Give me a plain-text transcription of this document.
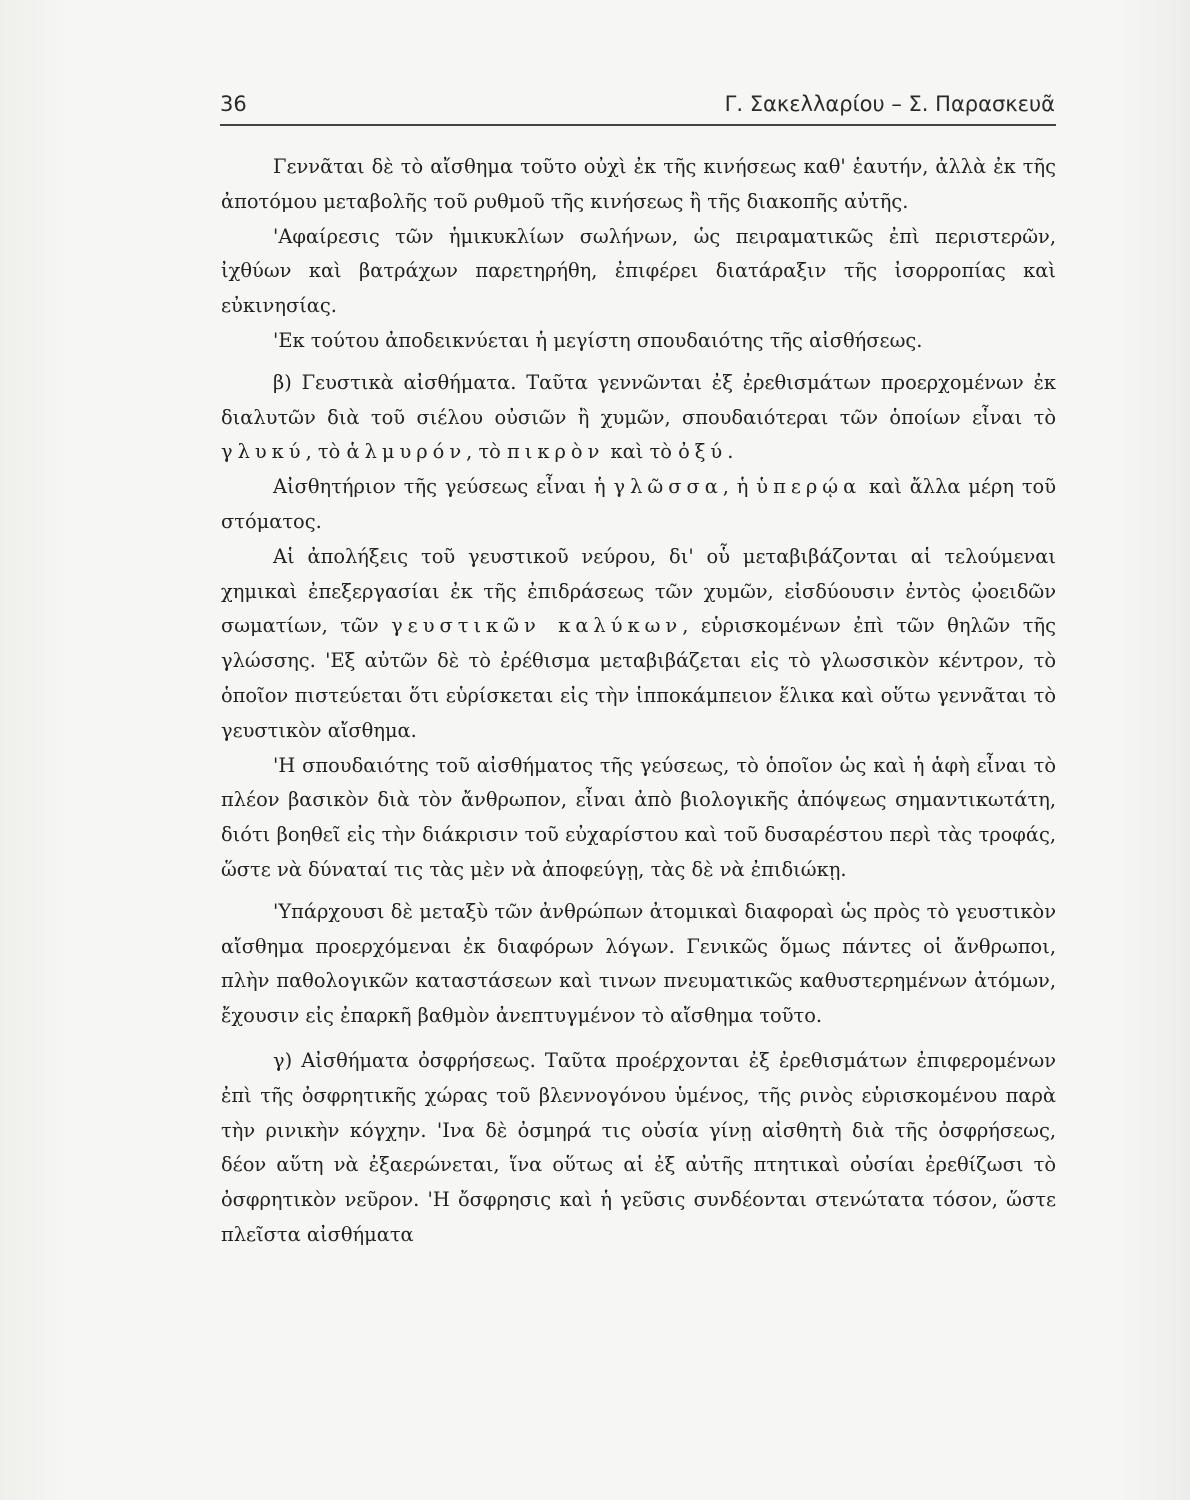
36	Γ. Σακελλαρίου – Σ. Παρασκευᾶ

Γεννᾶται δὲ τὸ αἴσθημα τοῦτο οὐχὶ ἐκ τῆς κινήσεως καθ' ἑαυτήν, ἀλλὰ ἐκ τῆς ἀποτόμου μεταβολῆς τοῦ ρυθμοῦ τῆς κινήσεως ἢ τῆς διακοπῆς αὐτῆς.

'Αφαίρεσις τῶν ἡμικυκλίων σωλήνων, ὡς πειραματικῶς ἐπὶ περιστερῶν, ἰχθύων καὶ βατράχων παρετηρήθη, ἐπιφέρει διατάραξιν τῆς ἰσορροπίας καὶ εὐκινησίας.

'Εκ τούτου ἀποδεικνύεται ἡ μεγίστη σπουδαιότης τῆς αἰσθήσεως.

β) Γευστικὰ αἰσθήματα. Ταῦτα γεννῶνται ἐξ ἐρεθισμάτων προερχομένων ἐκ διαλυτῶν διὰ τοῦ σιέλου οὐσιῶν ἢ χυμῶν, σπουδαιότεραι τῶν ὁποίων εἶναι τὸ γλυκύ, τὸ ἁλμυρόν, τὸ πικρὸν καὶ τὸ ὀξύ.

Αἰσθητήριον τῆς γεύσεως εἶναι ἡ γλῶσσα, ἡ ὑπερῴα καὶ ἄλλα μέρη τοῦ στόματος.

Αἱ ἀπολήξεις τοῦ γευστικοῦ νεύρου, δι' οὗ μεταβιβάζονται αἱ τελούμεναι χημικαὶ ἐπεξεργασίαι ἐκ τῆς ἐπιδράσεως τῶν χυμῶν, εἰσδύουσιν ἐντὸς ᾠοειδῶν σωματίων, τῶν γευστικῶν καλύκων, εὑρισκομένων ἐπὶ τῶν θηλῶν τῆς γλώσσης. 'Εξ αὐτῶν δὲ τὸ ἐρέθισμα μεταβιβάζεται εἰς τὸ γλωσσικὸν κέντρον, τὸ ὁποῖον πιστεύεται ὅτι εὑρίσκεται εἰς τὴν ἱπποκάμπειον ἕλικα καὶ οὕτω γεννᾶται τὸ γευστικὸν αἴσθημα.

'Η σπουδαιότης τοῦ αἰσθήματος τῆς γεύσεως, τὸ ὁποῖον ὡς καὶ ἡ ἁφὴ εἶναι τὸ πλέον βασικὸν διὰ τὸν ἄνθρωπον, εἶναι ἀπὸ βιολογικῆς ἀπόψεως σημαντικωτάτη, διότι βοηθεῖ εἰς τὴν διάκρισιν τοῦ εὐχαρίστου καὶ τοῦ δυσαρέστου περὶ τὰς τροφάς, ὥστε νὰ δύναταί τις τὰς μὲν νὰ ἀποφεύγῃ, τὰς δὲ νὰ ἐπιδιώκῃ.

'Υπάρχουσι δὲ μεταξὺ τῶν ἀνθρώπων ἀτομικαὶ διαφοραὶ ὡς πρὸς τὸ γευστικὸν αἴσθημα προερχόμεναι ἐκ διαφόρων λόγων. Γενικῶς ὅμως πάντες οἱ ἄνθρωποι, πλὴν παθολογικῶν καταστάσεων καὶ τινων πνευματικῶς καθυστερημένων ἀτόμων, ἔχουσιν εἰς ἐπαρκῆ βαθμὸν ἀνεπτυγμένον τὸ αἴσθημα τοῦτο.

γ) Αἰσθήματα ὀσφρήσεως. Ταῦτα προέρχονται ἐξ ἐρεθισμάτων ἐπιφερομένων ἐπὶ τῆς ὀσφρητικῆς χώρας τοῦ βλεννογόνου ὑμένος, τῆς ρινὸς εὑρισκομένου παρὰ τὴν ρινικὴν κόγχην. 'Ινα δὲ ὀσμηρά τις οὐσία γίνῃ αἰσθητὴ διὰ τῆς ὀσφρήσεως, δέον αὕτη νὰ ἐξαερώνεται, ἵνα οὕτως αἱ ἐξ αὐτῆς πτητικαὶ οὐσίαι ἐρεθίζωσι τὸ ὀσφρητικὸν νεῦρον. 'Η ὄσφρησις καὶ ἡ γεῦσις συνδέονται στενώτατα τόσον, ὥστε πλεῖστα αἰσθήματα
